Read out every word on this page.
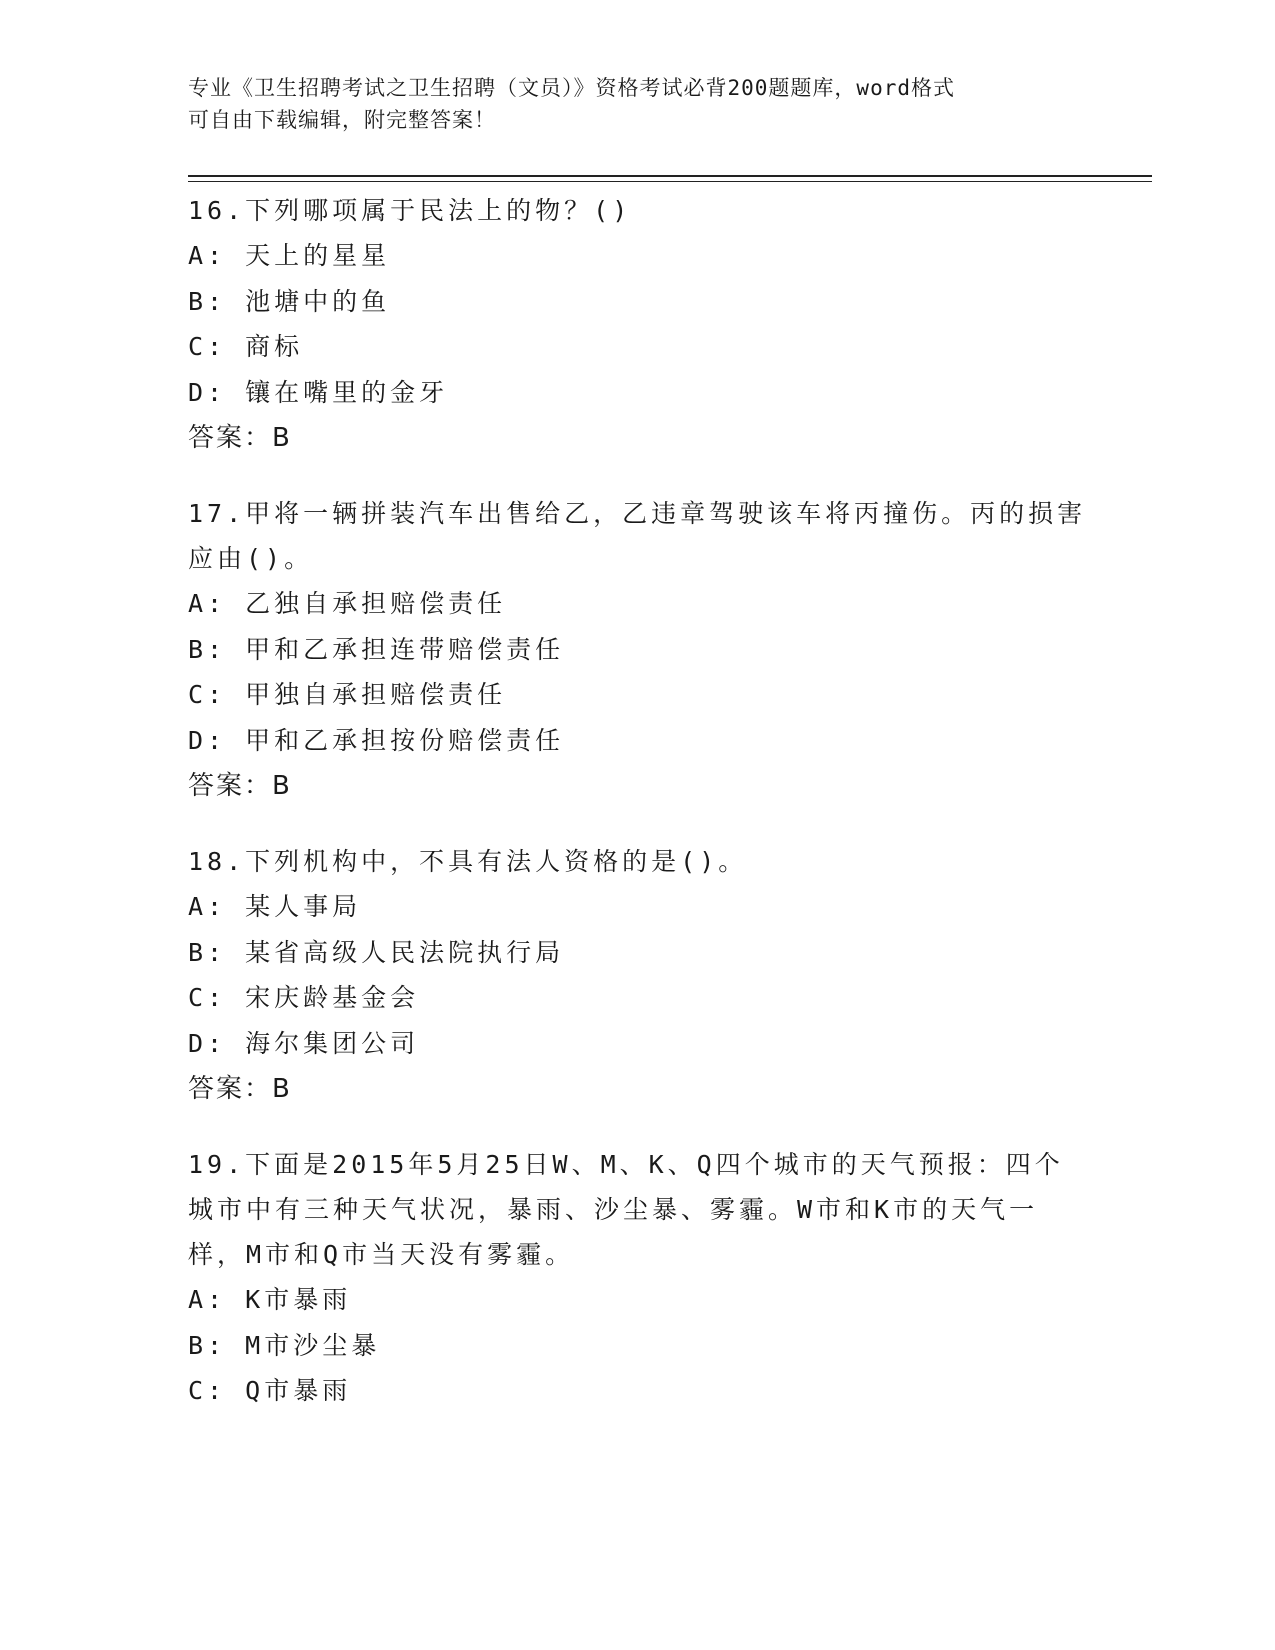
专业《卫生招聘考试之卫生招聘（文员）》资格考试必背200题题库，word格式
可自由下载编辑，附完整答案！
16.下列哪项属于民法上的物？()
A: 天上的星星
B: 池塘中的鱼
C: 商标
D: 镶在嘴里的金牙
答案：B
17.甲将一辆拼装汽车出售给乙，乙违章驾驶该车将丙撞伤。丙的损害应由()。
A: 乙独自承担赔偿责任
B: 甲和乙承担连带赔偿责任
C: 甲独自承担赔偿责任
D: 甲和乙承担按份赔偿责任
答案：B
18.下列机构中，不具有法人资格的是()。
A: 某人事局
B: 某省高级人民法院执行局
C: 宋庆龄基金会
D: 海尔集团公司
答案：B
19.下面是2015年5月25日W、M、K、Q四个城市的天气预报：四个城市中有三种天气状况，暴雨、沙尘暴、雾霾。W市和K市的天气一样，M市和Q市当天没有雾霾。
A: K市暴雨
B: M市沙尘暴
C: Q市暴雨
